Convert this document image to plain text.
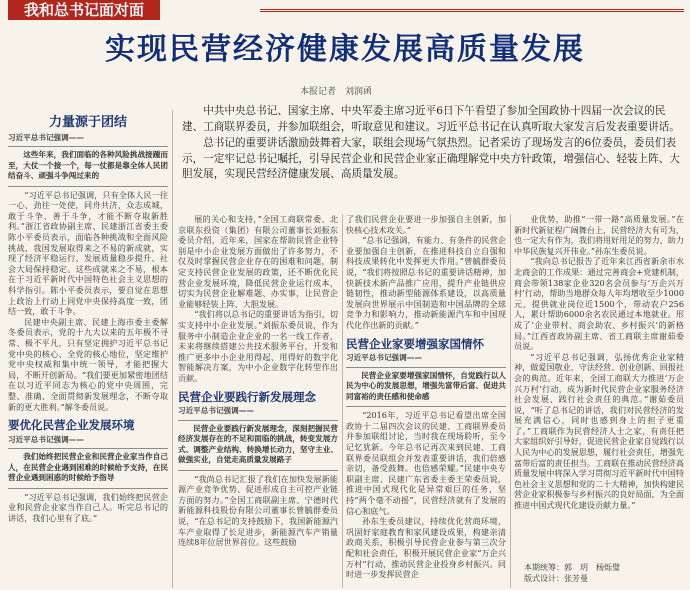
我和总书记面对面
实现民营经济健康发展高质量发展
本报记者　刘润函

中共中央总书记、国家主席、中央军委主席习近平6日下午看望了参加全国政协十四届一次会议的民建、工商联界委员，并参加联组会，听取意见和建议。习近平总书记在认真听取大家发言后发表重要讲话。

总书记的重要讲话激励鼓舞着大家，联组会现场气氛热烈。记者采访了现场发言的6位委员，委员们表示，一定牢记总书记嘱托，引导民营企业和民营企业家正确理解党中央方针政策，增强信心、轻装上阵、大胆发展，实现民营经济健康发展、高质量发展。

力量源于团结
习近平总书记强调——
这些年来，我们面临的各种风险挑战接踵而至，大仗一个接一个，每一仗都是靠全体人民团结奋斗、顽强斗争闯过来的

“习近平总书记强调，只有全体人民一往一心、劲往一处使，同舟共济、众志成城，敢于斗争、善于斗争，才能不断夺取新胜利。”浙江省政协副主席、民建浙江省委主委陈小平委员表示，面临各种挑战和全面风险挑战，我国发展取得来之不易的新成就，实现了经济平稳运行、发展质量稳步提升、社会大局保持稳定。这些成就来之不易，根本在于习近平新时代中国特色社会主义思想的科学指引。陈小平委员表示，要自觉在思想上政治上行动上同党中央保持高度一致，团结一致，敢于斗争。

民建中央副主席、民建上海市委主委解冬委员表示，党的十九大以来的五年极不寻常、极不平凡，只有坚定拥护习近平总书记党中央的核心、全党的核心地位，坚定维护党中央权威和集中统一领导，才能把握大局，不断开创新局。“我们要更加紧密地团结在以习近平同志为核心的党中央周围，完整、准确、全面贯彻新发展理念，不断夺取新的更大胜利。”解冬委员说。

要优化民营企业发展环境
习近平总书记强调——
我们始终把民营企业和民营企业家当作自己人，在民营企业遇到困难的时候给予支持，在民营企业遇到困惑的时候给予指导

“习近平总书记强调，我们始终把民营企业和民营企业家当作自己人。听完总书记的讲话，我们心里有了底。”

展的关心和支持，”全国工商联常委、北京联东投资（集团）有限公司董事长刘振东委员介绍，近年来，国家在帮助民营企业特别是中小企业发展方面做出了许多努力，不仅及时掌握民营企业存在的困难和问题，制定支持民营企业发展的政策，还不断优化民营企业发展环境，降低民营企业运行成本，切实为民营企业解难题、办实事，让民营企业能够轻装上阵、大胆发展。

“我们将以总书记的重要讲话为指引，切实支持中小企业发展。”刘振东委员说，作为服务中小制造企业企业的一名一线工作者，未来将继续搭建公共技术服务平台，开发和推广更多中小企业用得起、用得好的数字化智能解决方案，为中小企业数字化转型作出贡献。

民营企业要践行新发展理念
习近平总书记强调——
民营企业要践行新发展理念，深刻把握民营经济发展存在的不足和面临的挑战，转变发展方式、调整产业结构、转换增长动力，坚守主业、做强实业，自觉走高质量发展路子

“我尚总书记汇报了我们在加快发展新能源产业竞争优势、促进形成自主可控产业链方面的努力。”全国工商联副主席、宁德时代新能源科技股份有限公司董事长曾毓群委员说，“在总书记的支持鼓励下，我国新能源汽车产业取得了长足进步，新能源汽车产销量连续8年位居世界首位。这些鼓励

了我们民营企业要进一步加强自主创新，加快核心技术攻关。”

“总书记强调，有能力、有条件的民营企业要加强自主创新，在推进科技自立自强和科技成果转化中发挥更大作用。”曾毓群委员说，“我们将按照总书记的重要讲话精神，加快新技术新产品推广应用，提升产业链供应链韧性，推动新型能源体系建设，以高质量发展向世界展示中国制造和中国品牌的全球竞争力和影响力，推动新能源汽车和中国现代化作出新的贡献。”

民营企业家要增强家国情怀
习近平总书记强调——
民营企业家要增强家国情怀，自觉践行以人民为中心的发展思想，增强先富带后富、促进共同富裕的责任感和使命感

“2016年，习近平总书记看望出席全国政协十二届四次会议的民建、工商联界委员并参加联组讨论，当时我在现场聆听，至今记忆犹新。今年总书记再次来到民建、工商联界委员联组会并发表重要讲话，我们倍感亲切，备受鼓舞。也倍感荣耀。”民建中央专职副主席、民建广东省委主委王荣委员说，推进中国式现代化是异常艰巨的任务，坚持“两个毫不动摇”，民营经济就有了发展的信心和底气。

孙东生委员建议，持续优化营商环境，巩固好家庭教育和家风建设成果，构建亲清政商关系，积极引导民营企业参与第三次分配和社会责任，积极开展民营企业家“万企兴万村”行动，推动民营企业投身乡村振兴。同时进一步发挥民营企

业优势，助推“一带一路”高质量发展。”在新时代新征程广阔舞台上，民营经济大有可为，也一定大有作为，我们将用好用足的努力，助力中华民族复兴开伟业。”孙东生委员说。

“我向总书记报告了近年来江西省新余市水北商会的工作成果：通过完善商会+党建机制，商会带领138家企业320名会员参与‘万企兴万村’行动，帮助当地群众每人年均增收至少1000元，提供就业岗位近1500个，带动农户256人，累计帮助6000余名农民通过本地就业。形成了‘企业带村、商会助农、乡村振兴’的新格局。”江西省政协副主席、省工商联主席谢茹委员说。

“习近平总书记强调，弘扬优秀企业家精神，做爱国敬业、守法经营、创业创新、回报社会的典范。近年来，全国工商联大力推进‘万企兴万村’行动，成为新时代民营企业家服务经济社会发展、践行社会责任的典范。”谢茹委员说，“听了总书记的讲话，我们对民营经济的发展充满信心，同时也感到身上的担子更重了。”工商联作为民营经济人士之家，有责任把大家组织好引导好，促进民营企业家自觉践行以人民为中心的发展思想，履行社会责任，增强先富带后富的责任担当。工商联在推动民营经济高质量发展中将深入学习贯彻习近平新时代中国特色社会主义思想和党的二十大精神，加快构建民营企业家积极参与乡村振兴的良好局面，为全面推进中国式现代化建设贡献力量。”

本期统筹：郭　玥　杨烁璧
版式设计：张芳曼
